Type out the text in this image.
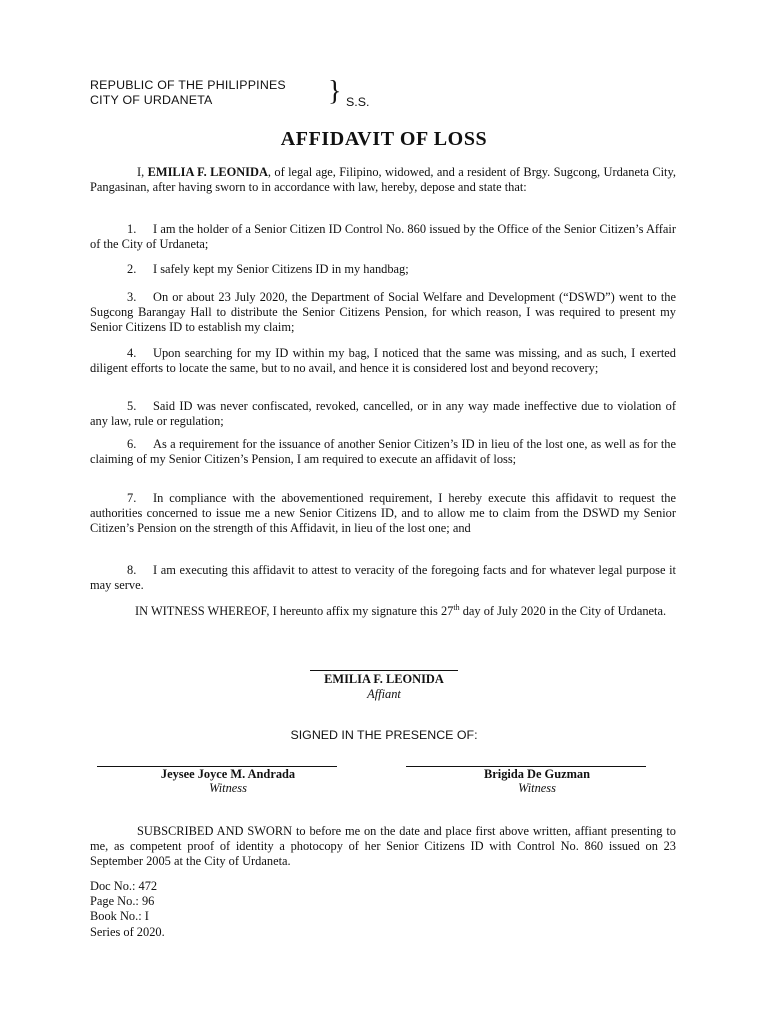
REPUBLIC OF THE PHILIPPINES
CITY OF URDANETA	} S.S.
AFFIDAVIT OF LOSS
I, EMILIA F. LEONIDA, of legal age, Filipino, widowed, and a resident of Brgy. Sugcong, Urdaneta City, Pangasinan, after having sworn to in accordance with law, hereby, depose and state that:
1. I am the holder of a Senior Citizen ID Control No. 860 issued by the Office of the Senior Citizen’s Affair of the City of Urdaneta;
2. I safely kept my Senior Citizens ID in my handbag;
3. On or about 23 July 2020, the Department of Social Welfare and Development (“DSWD”) went to the Sugcong Barangay Hall to distribute the Senior Citizens Pension, for which reason, I was required to present my Senior Citizens ID to establish my claim;
4. Upon searching for my ID within my bag, I noticed that the same was missing, and as such, I exerted diligent efforts to locate the same, but to no avail, and hence it is considered lost and beyond recovery;
5. Said ID was never confiscated, revoked, cancelled, or in any way made ineffective due to violation of any law, rule or regulation;
6. As a requirement for the issuance of another Senior Citizen’s ID in lieu of the lost one, as well as for the claiming of my Senior Citizen’s Pension, I am required to execute an affidavit of loss;
7. In compliance with the abovementioned requirement, I hereby execute this affidavit to request the authorities concerned to issue me a new Senior Citizens ID, and to allow me to claim from the DSWD my Senior Citizen’s Pension on the strength of this Affidavit, in lieu of the lost one; and
8. I am executing this affidavit to attest to veracity of the foregoing facts and for whatever legal purpose it may serve.
IN WITNESS WHEREOF, I hereunto affix my signature this 27th day of July 2020 in the City of Urdaneta.
EMILIA F. LEONIDA
Affiant
SIGNED IN THE PRESENCE OF:
Jeysee Joyce M. Andrada
Witness
Brigida De Guzman
Witness
SUBSCRIBED AND SWORN to before me on the date and place first above written, affiant presenting to me, as competent proof of identity a photocopy of her Senior Citizens ID with Control No. 860 issued on 23 September 2005 at the City of Urdaneta.
Doc No.: 472
Page No.: 96
Book No.: I
Series of 2020.
